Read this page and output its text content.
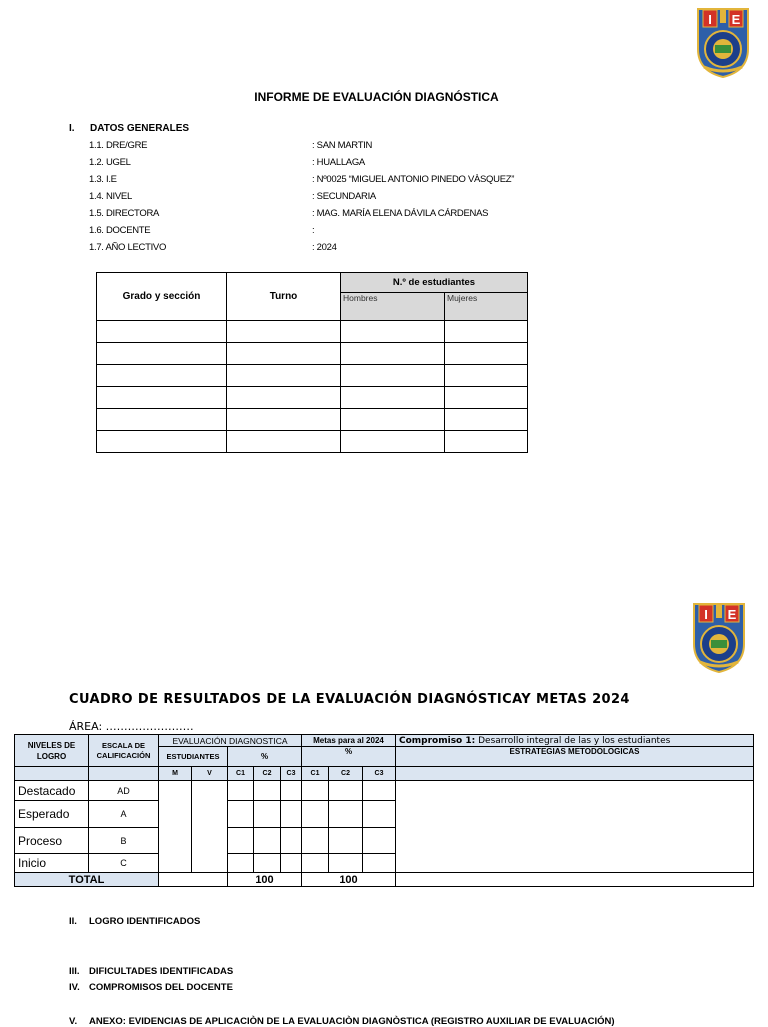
I E
INFORME DE EVALUACIÓN DIAGNÓSTICA
I. DATOS GENERALES
1.1. DRE/GRE	: SAN MARTIN
1.2. UGEL	: HUALLAGA
1.3. I.E	: Nº0025 “MIGUEL ANTONIO PINEDO VÀSQUEZ”
1.4. NIVEL	: SECUNDARIA
1.5. DIRECTORA	: MAG. MARÍA ELENA DÁVILA CÁRDENAS
1.6. DOCENTE	:
1.7. AÑO LECTIVO	: 2024
Grado y sección	Turno	N.º de estudiantes	
		Hombres	Mujeres

I E
CUADRO DE RESULTADOS DE LA EVALUACIÓN DIAGNÓSTICAY METAS 2024
ÁREA: ……………………
NIVELES DE LOGRO	ESCALA DE CALIFICACIÓN	EVALUACIÓN DIAGNOSTICA					Metas para al 2024			Compromiso 1: Desarrollo integral de las y los estudiantes
		ESTUDIANTES		%			%			ESTRATEGIAS METODOLOGICAS
		M	V	C1	C2	C3	C1	C2	C3	
Destacado	AD									
Esperado	A									
Proceso	B									
Inicio	C									
TOTAL				100			100			
II. LOGRO IDENTIFICADOS
III. DIFICULTADES IDENTIFICADAS
IV. COMPROMISOS DEL DOCENTE
V. ANEXO: EVIDENCIAS DE APLICACIÒN DE LA EVALUACIÒN DIAGNÒSTICA (REGISTRO AUXILIAR DE EVALUACIÓN)
